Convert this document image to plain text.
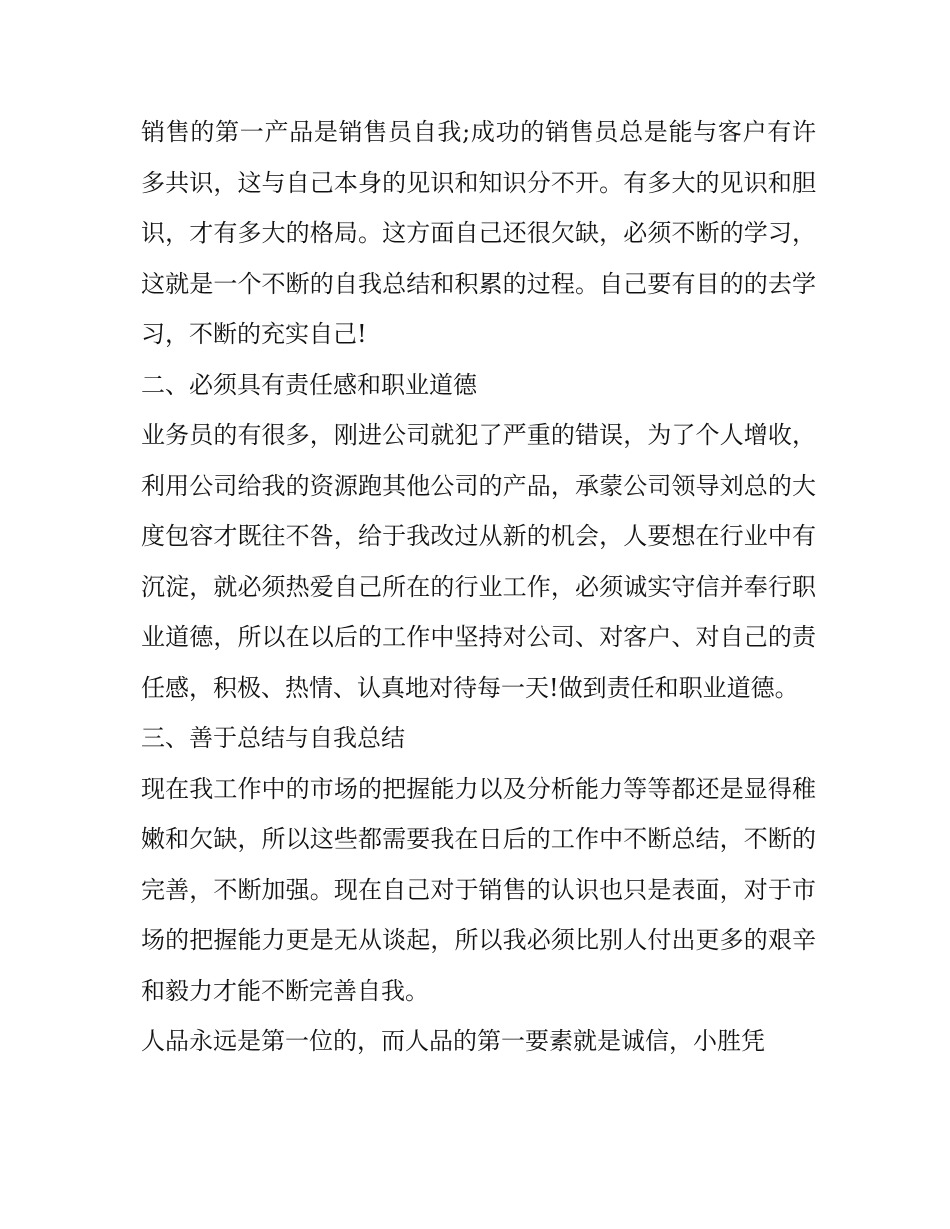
销售的第一产品是销售员自我;成功的销售员总是能与客户有许多共识，这与自己本身的见识和知识分不开。有多大的见识和胆识，才有多大的格局。这方面自己还很欠缺，必须不断的学习，这就是一个不断的自我总结和积累的过程。自己要有目的的去学习，不断的充实自己!

二、必须具有责任感和职业道德

业务员的有很多，刚进公司就犯了严重的错误，为了个人增收，利用公司给我的资源跑其他公司的产品，承蒙公司领导刘总的大度包容才既往不咎，给于我改过从新的机会，人要想在行业中有沉淀，就必须热爱自己所在的行业工作，必须诚实守信并奉行职业道德，所以在以后的工作中坚持对公司、对客户、对自己的责任感，积极、热情、认真地对待每一天!做到责任和职业道德。

三、善于总结与自我总结

现在我工作中的市场的把握能力以及分析能力等等都还是显得稚嫩和欠缺，所以这些都需要我在日后的工作中不断总结，不断的完善，不断加强。现在自己对于销售的认识也只是表面，对于市场的把握能力更是无从谈起，所以我必须比别人付出更多的艰辛和毅力才能不断完善自我。

人品永远是第一位的，而人品的第一要素就是诚信，小胜凭
